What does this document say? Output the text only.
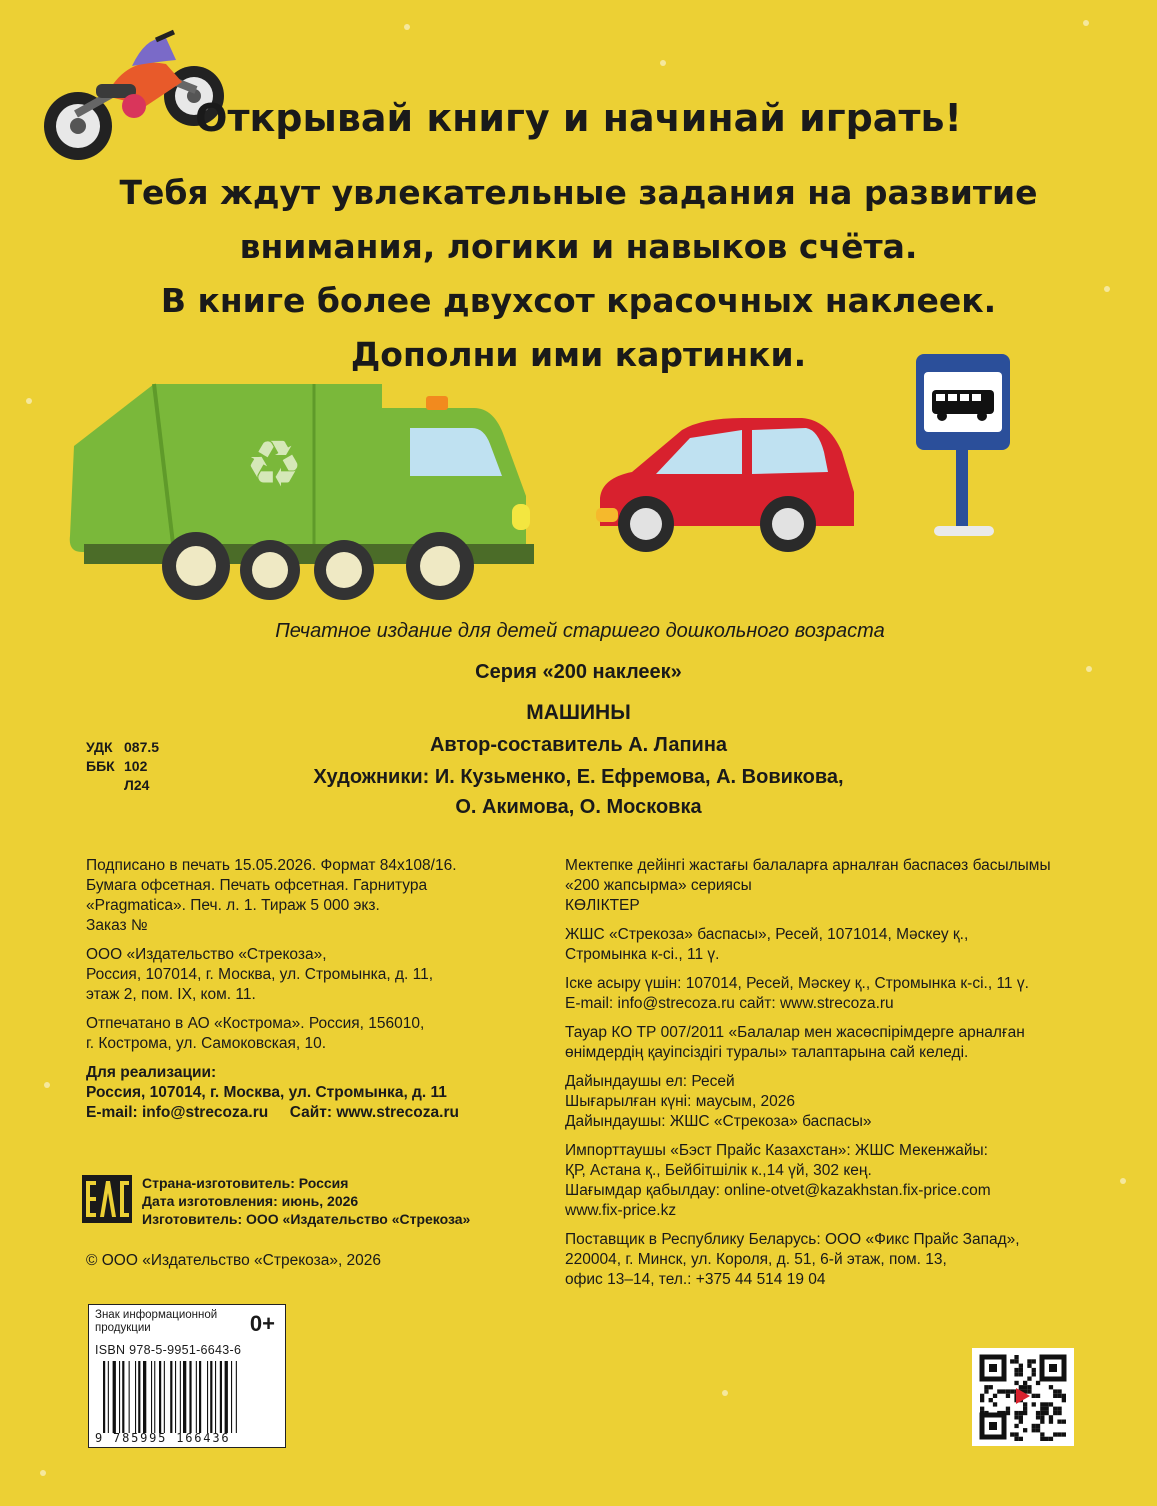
Открывай книгу и начинай играть!
Тебя ждут увлекательные задания на развитие
внимания, логики и навыков счёта.
В книге более двухсот красочных наклеек.
Дополни ими картинки.
♻
Печатное издание для детей старшего дошкольного возраста
Серия «200 наклеек»
МАШИНЫ
Автор-составитель А. Лапина
Художники: И. Кузьменко, Е. Ефремова, А. Вовикова,
О. Акимова, О. Московка
УДК 087.5
ББК 102
Л24

Подписано в печать 15.05.2026. Формат 84х108/16.
Бумага офсетная. Печать офсетная. Гарнитура
«Pragmatica». Печ. л. 1. Тираж 5 000 экз.
Заказ №

ООО «Издательство «Стрекоза»,
Россия, 107014, г. Москва, ул. Стромынка, д. 11,
этаж 2, пом. IX, ком. 11.

Отпечатано в АО «Кострома». Россия, 156010,
г. Кострома, ул. Самоковская, 10.

Для реализации:
Россия, 107014, г. Москва, ул. Стромынка, д. 11
E-mail: info@strecoza.ru Сайт: www.strecoza.ru

Страна-изготовитель: Россия
Дата изготовления: июнь, 2026
Изготовитель: ООО «Издательство «Стрекоза»
© ООО «Издательство «Стрекоза», 2026
Знак информационной продукции	0+
ISBN 978-5-9951-6643-6
9 785995 166436

Мектепке дейінгі жастағы балаларға арналған баспасөз басылымы
«200 жапсырма» сериясы
КӨЛІКТЕР

ЖШС «Стрекоза» баспасы», Ресей, 1071014, Мәскеу қ.,
Стромынка к-сі., 11 ү.

Іске асыру үшін: 107014, Ресей, Мәскеу қ., Стромынка к-сі., 11 ү.
E-mail: info@strecoza.ru сайт: www.strecoza.ru

Тауар КО ТР 007/2011 «Балалар мен жасөспірімдерге арналған
өнімдердің қауіпсіздігі туралы» талаптарына сай келеді.

Дайындаушы ел: Ресей
Шығарылған күні: маусым, 2026
Дайындаушы: ЖШС «Стрекоза» баспасы»

Импорттаушы «Бэст Прайс Казахстан»: ЖШС Мекенжайы:
ҚР, Астана қ., Бейбітшілік к.,14 үй, 302 кең.
Шағымдар қабылдау: online-otvet@kazakhstan.fix-price.com
www.fix-price.kz

Поставщик в Республику Беларусь: ООО «Фикс Прайс Запад»,
220004, г. Минск, ул. Короля, д. 51, 6-й этаж, пом. 13,
офис 13–14, тел.: +375 44 514 19 04
